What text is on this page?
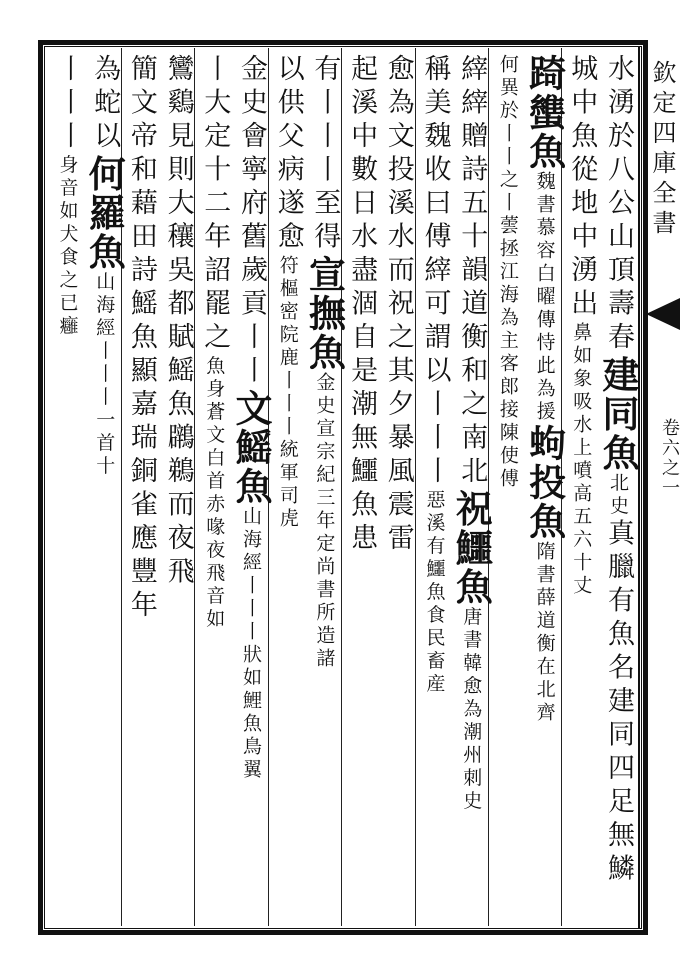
欽定四庫全書
卷六之一
水湧於八公山頂壽春建同魚北史真臘有魚名建同四足無鱗
城中魚從地中湧出鼻如象吸水上噴高五六十丈
踦䗽魚魏書慕容白曜傳恃此為援蚼投魚隋書薛道衡在北齊
何異於丨丨之丨蕓拯江海為主客郎接陳使傅
縡縡贈詩五十韻道衡和之南北祝鱷魚唐書韓愈為潮州刺史
稱美魏收曰傅縡可謂以丨丨丨惡溪有鱷魚食民畜産
愈為文投溪水而祝之其夕暴風震雷
起溪中數日水盡涸自是潮無鱷魚患
有丨丨丨至得宣撫魚金史宣宗紀三年定尚書所造諸
以供父病遂愈符樞密院鹿丨丨丨統軍司虎
金史會寧府舊歲貢丨丨文鰩魚山海經丨丨丨狀如鯉魚鳥翼
丨大定十二年詔罷之魚身蒼文白首赤喙夜飛音如
鸞鷄見則大穰吳都賦鰩魚鸊鵜而夜飛
簡文帝和藉田詩鰩魚顯嘉瑞銅雀應豐年
為蛇以何羅魚山海經丨丨丨一首十
丨丨丨身音如犬食之已癰
